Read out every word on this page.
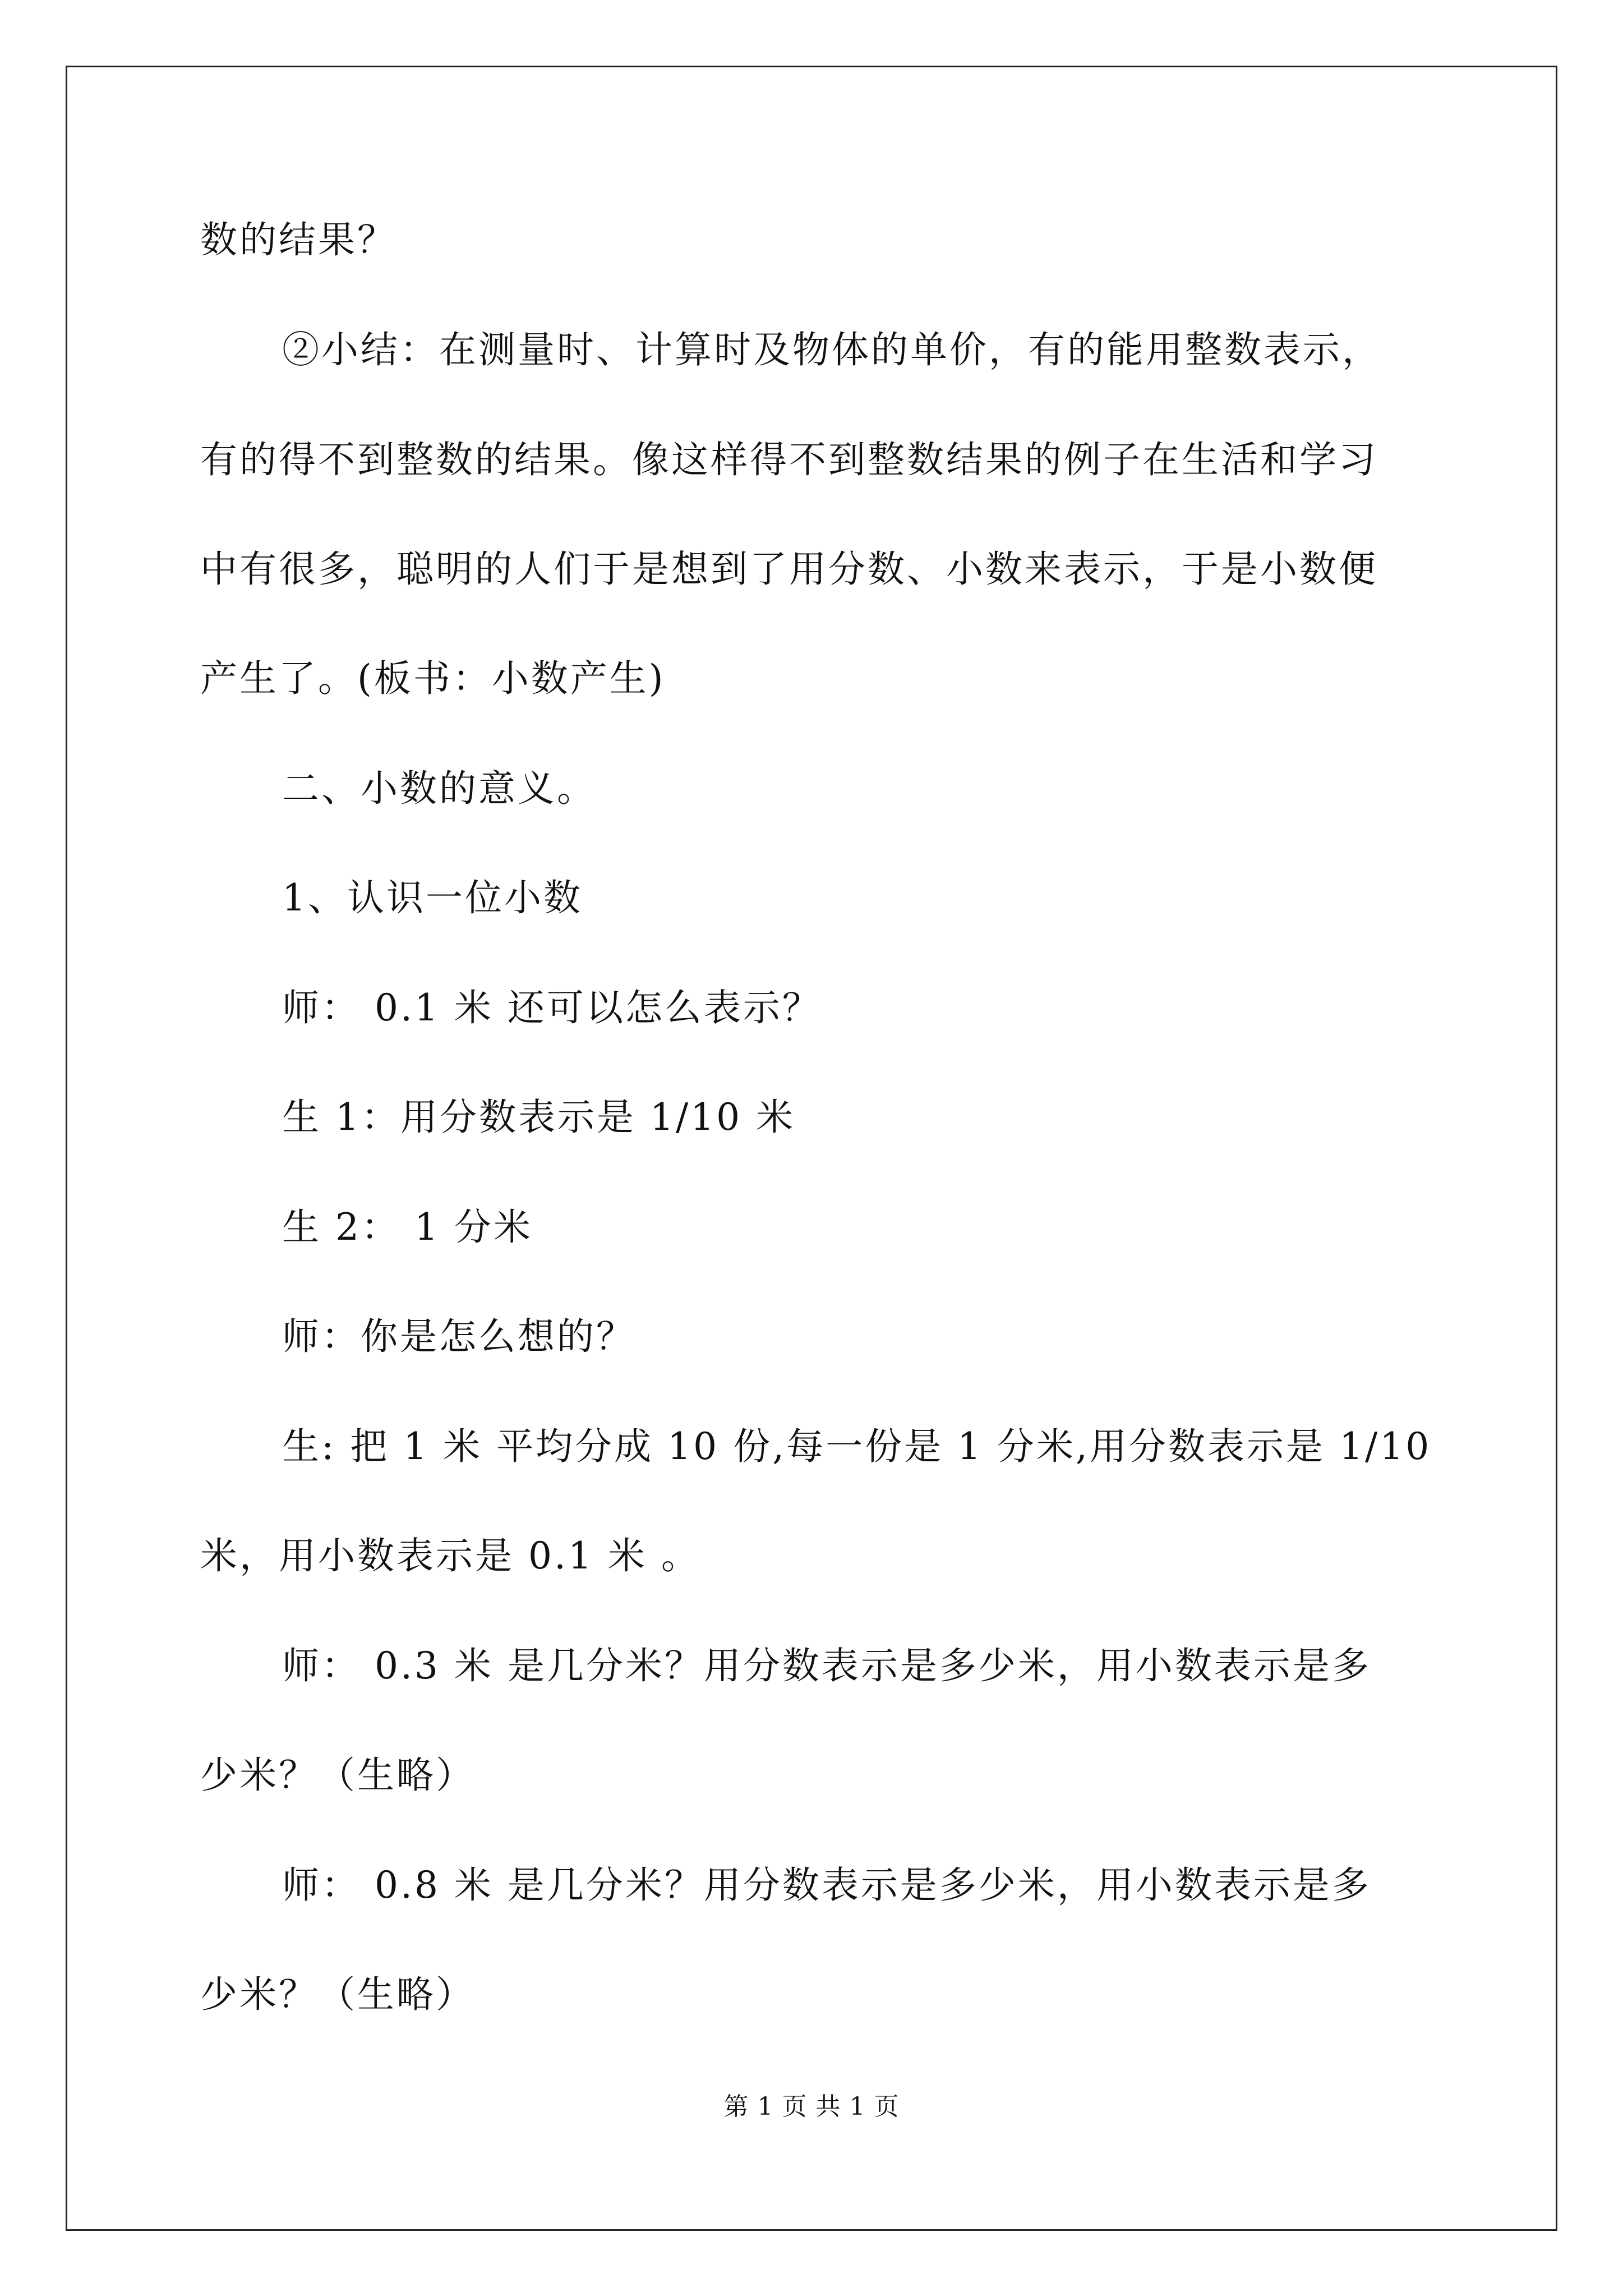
数的结果？
②小结：在测量时、计算时及物体的单价，有的能用整数表示，
有的得不到整数的结果。像这样得不到整数结果的例子在生活和学习
中有很多，聪明的人们于是想到了用分数、小数来表示，于是小数便
产生了。(板书：小数产生)
二、小数的意义。
1、认识一位小数
师： 0.1 米 还可以怎么表示？
生 1：用分数表示是 1/10 米
生 2： 1 分米
师：你是怎么想的？
生: 把 1 米 平均分成 10 份,每一份是 1 分米,用分数表示是 1/10
米，用小数表示是 0.1 米 。
师： 0.3 米 是几分米？用分数表示是多少米，用小数表示是多
少米？（生略）
师： 0.8 米 是几分米？用分数表示是多少米，用小数表示是多
少米？（生略）
第 1 页 共 1 页
